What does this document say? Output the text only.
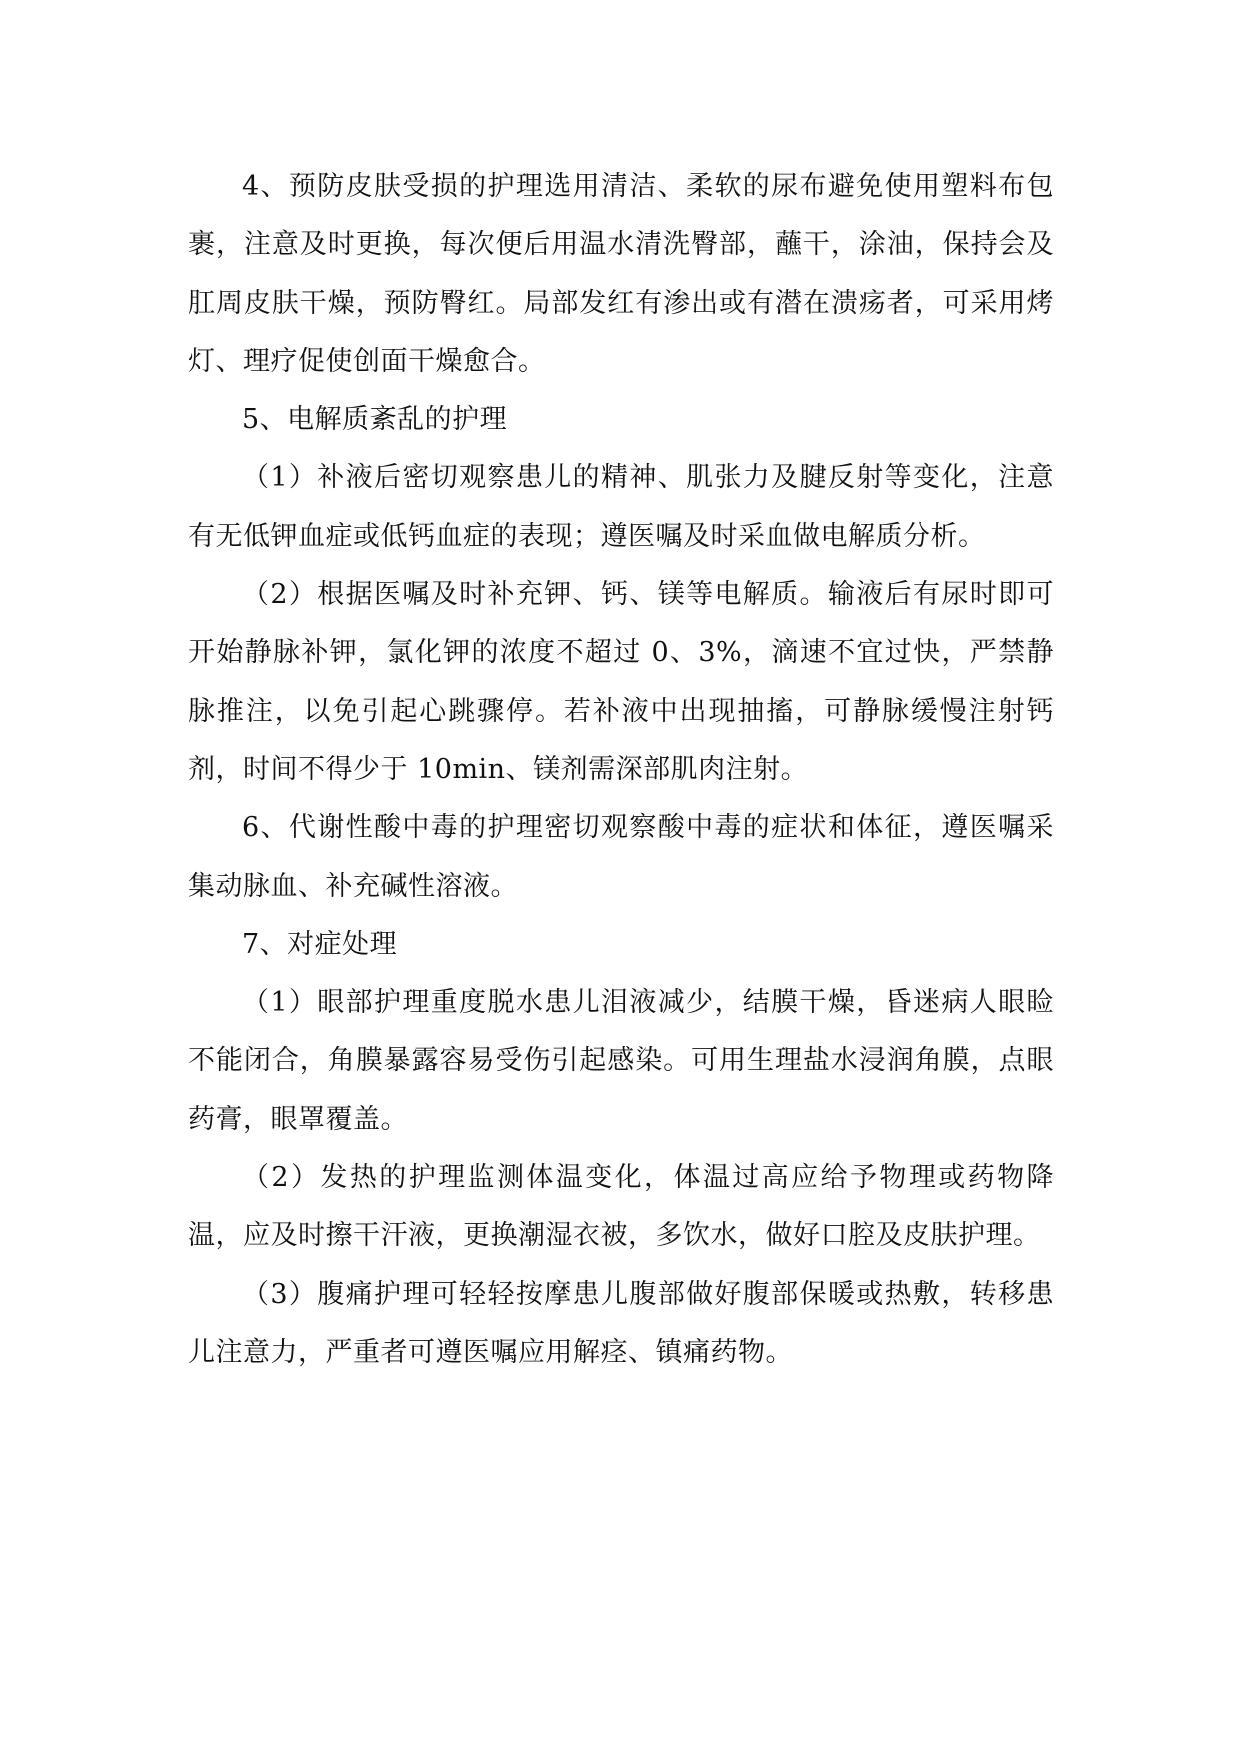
4、预防皮肤受损的护理选用清洁、柔软的尿布避免使用塑料布包裹，注意及时更换，每次便后用温水清洗臀部，蘸干，涂油，保持会及肛周皮肤干燥，预防臀红。局部发红有渗出或有潜在溃疡者，可采用烤灯、理疗促使创面干燥愈合。

5、电解质紊乱的护理

（1）补液后密切观察患儿的精神、肌张力及腱反射等变化，注意有无低钾血症或低钙血症的表现；遵医嘱及时采血做电解质分析。

（2）根据医嘱及时补充钾、钙、镁等电解质。输液后有尿时即可开始静脉补钾，氯化钾的浓度不超过 0、3%，滴速不宜过快，严禁静脉推注，以免引起心跳骤停。若补液中出现抽搐，可静脉缓慢注射钙剂，时间不得少于 10min、镁剂需深部肌肉注射。

6、代谢性酸中毒的护理密切观察酸中毒的症状和体征，遵医嘱采集动脉血、补充碱性溶液。

7、对症处理

（1）眼部护理重度脱水患儿泪液减少，结膜干燥，昏迷病人眼睑不能闭合，角膜暴露容易受伤引起感染。可用生理盐水浸润角膜，点眼药膏，眼罩覆盖。

（2）发热的护理监测体温变化，体温过高应给予物理或药物降温，应及时擦干汗液，更换潮湿衣被，多饮水，做好口腔及皮肤护理。

（3）腹痛护理可轻轻按摩患儿腹部做好腹部保暖或热敷，转移患儿注意力，严重者可遵医嘱应用解痉、镇痛药物。
